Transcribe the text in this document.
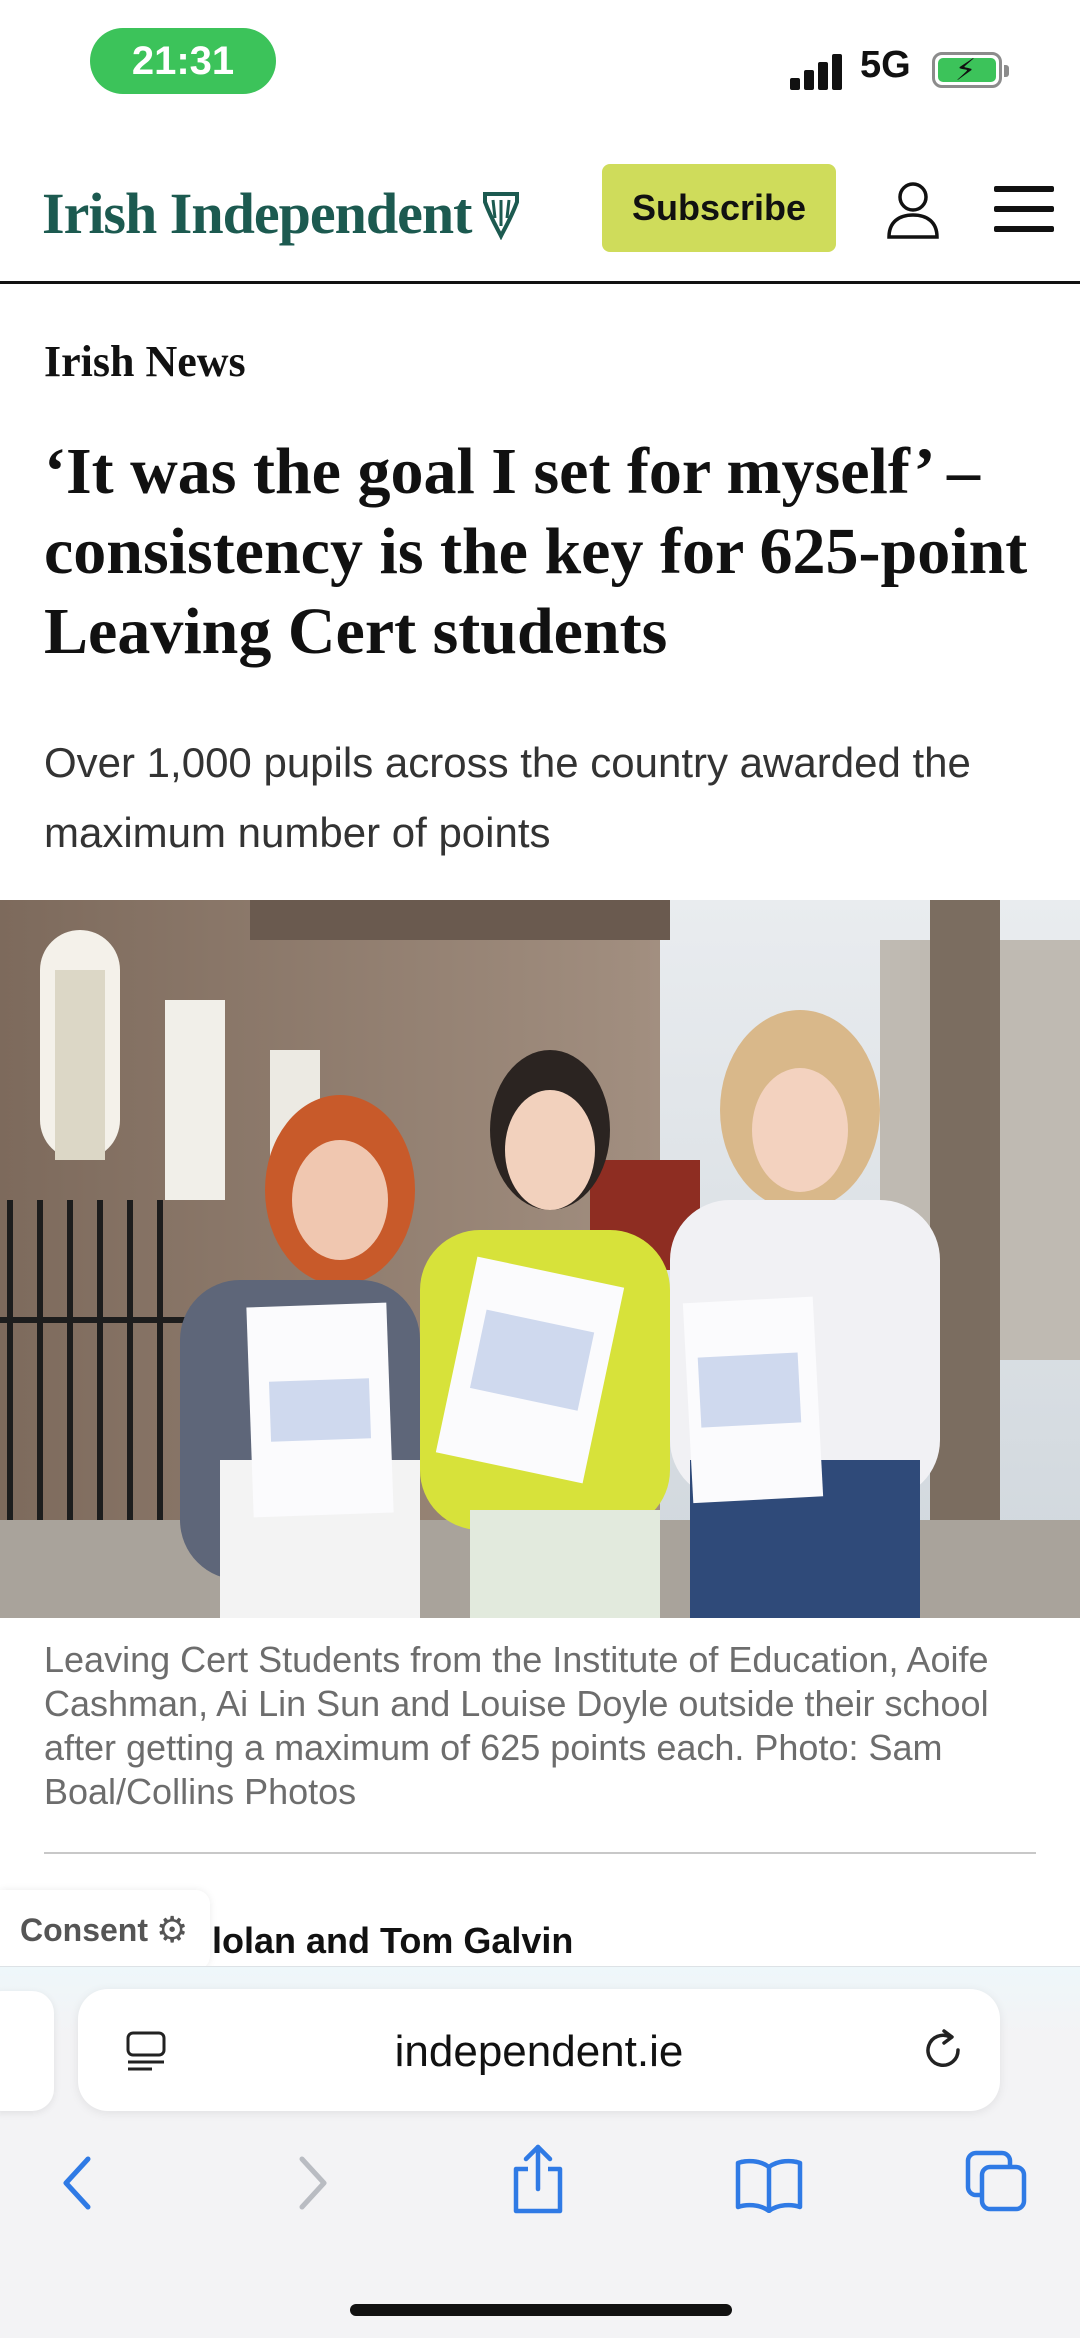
21:31	5G ⚡
Irish Independent	Subscribe
Irish News
‘It was the goal I set for myself’ – consistency is the key for 625-point Leaving Cert students

Over 1,000 pupils across the country awarded the maximum number of points

Leaving Cert Students from the Institute of Education, Aoife Cashman, Ai Lin Sun and Louise Doyle outside their school after getting a maximum of 625 points each. Photo: Sam Boal/Collins Photos

lolan and Tom Galvin
Consent ⚙
independent.ie
